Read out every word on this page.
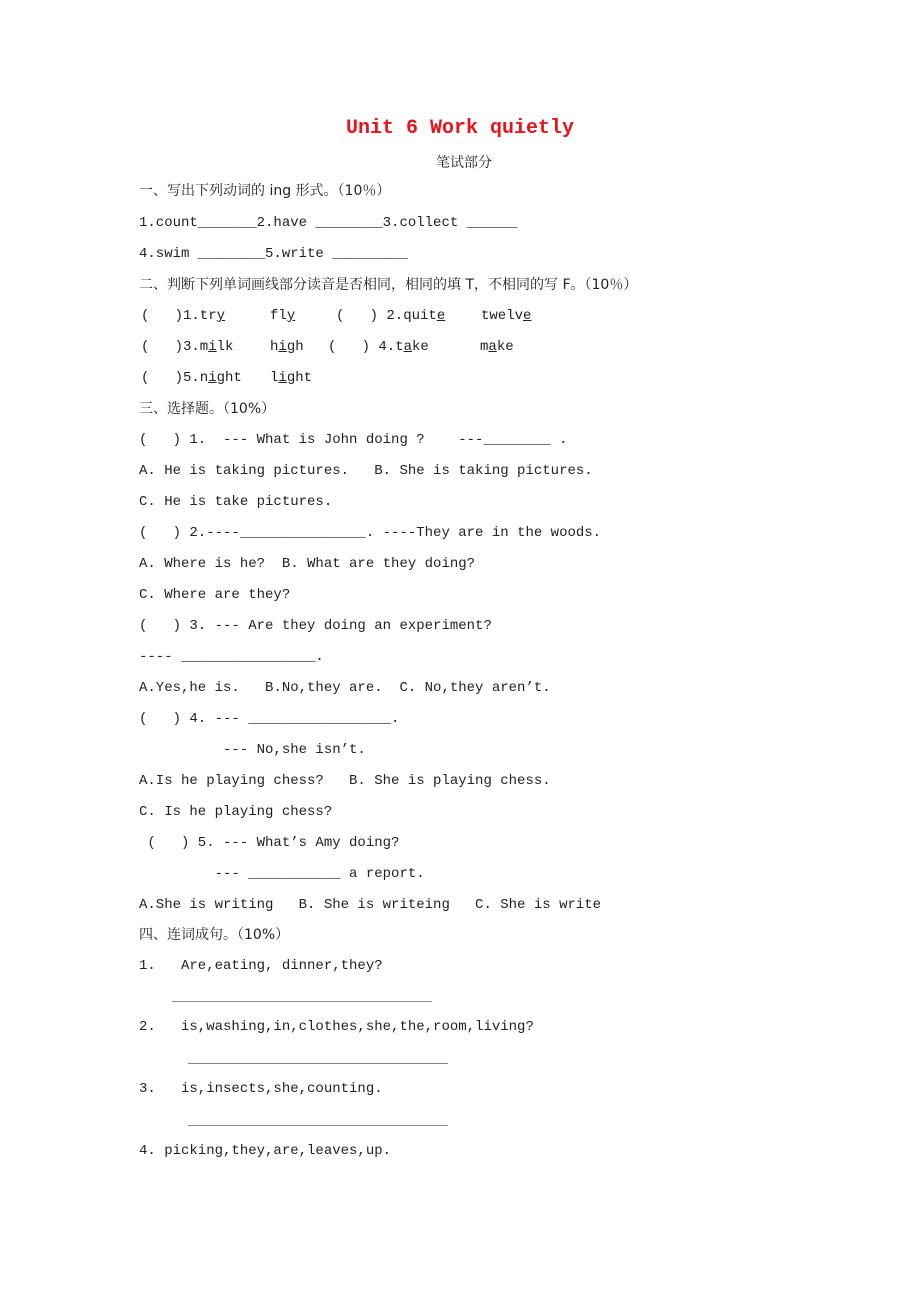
Unit 6 Work quietly
笔试部分
一、写出下列动词的 ing 形式。（10％）
1.count_______2.have ________3.collect ______
4.swim ________5.write _________
二、判断下列单词画线部分读音是否相同，相同的填 T，不相同的写 F。（10％）
(   )1.try	fly	(   ) 2.quite	twelve
(   )3.milk	high (   ) 4.take	make
(   )5.night light
三、选择题。（10%）
(   ) 1.  --- What is John doing ?    ---________ .
A. He is taking pictures.   B. She is taking pictures.
C. He is take pictures.
(   ) 2.----_______________. ----They are in the woods.
A. Where is he?  B. What are they doing?
C. Where are they?
(   ) 3. --- Are they doing an experiment?
---- ________________.
A.Yes,he is.   B.No,they are.  C. No,they aren’t.
(   ) 4. --- _________________.
--- No,she isn’t.
A.Is he playing chess?   B. She is playing chess.
C. Is he playing chess?
(   ) 5. --- What’s Amy doing?
--- ___________ a report.
A.She is writing   B. She is writeing   C. She is write
四、连词成句。（10%）
1.   Are,eating, dinner,they?
2.   is,washing,in,clothes,she,the,room,living?
3.   is,insects,she,counting.
4. picking,they,are,leaves,up.
